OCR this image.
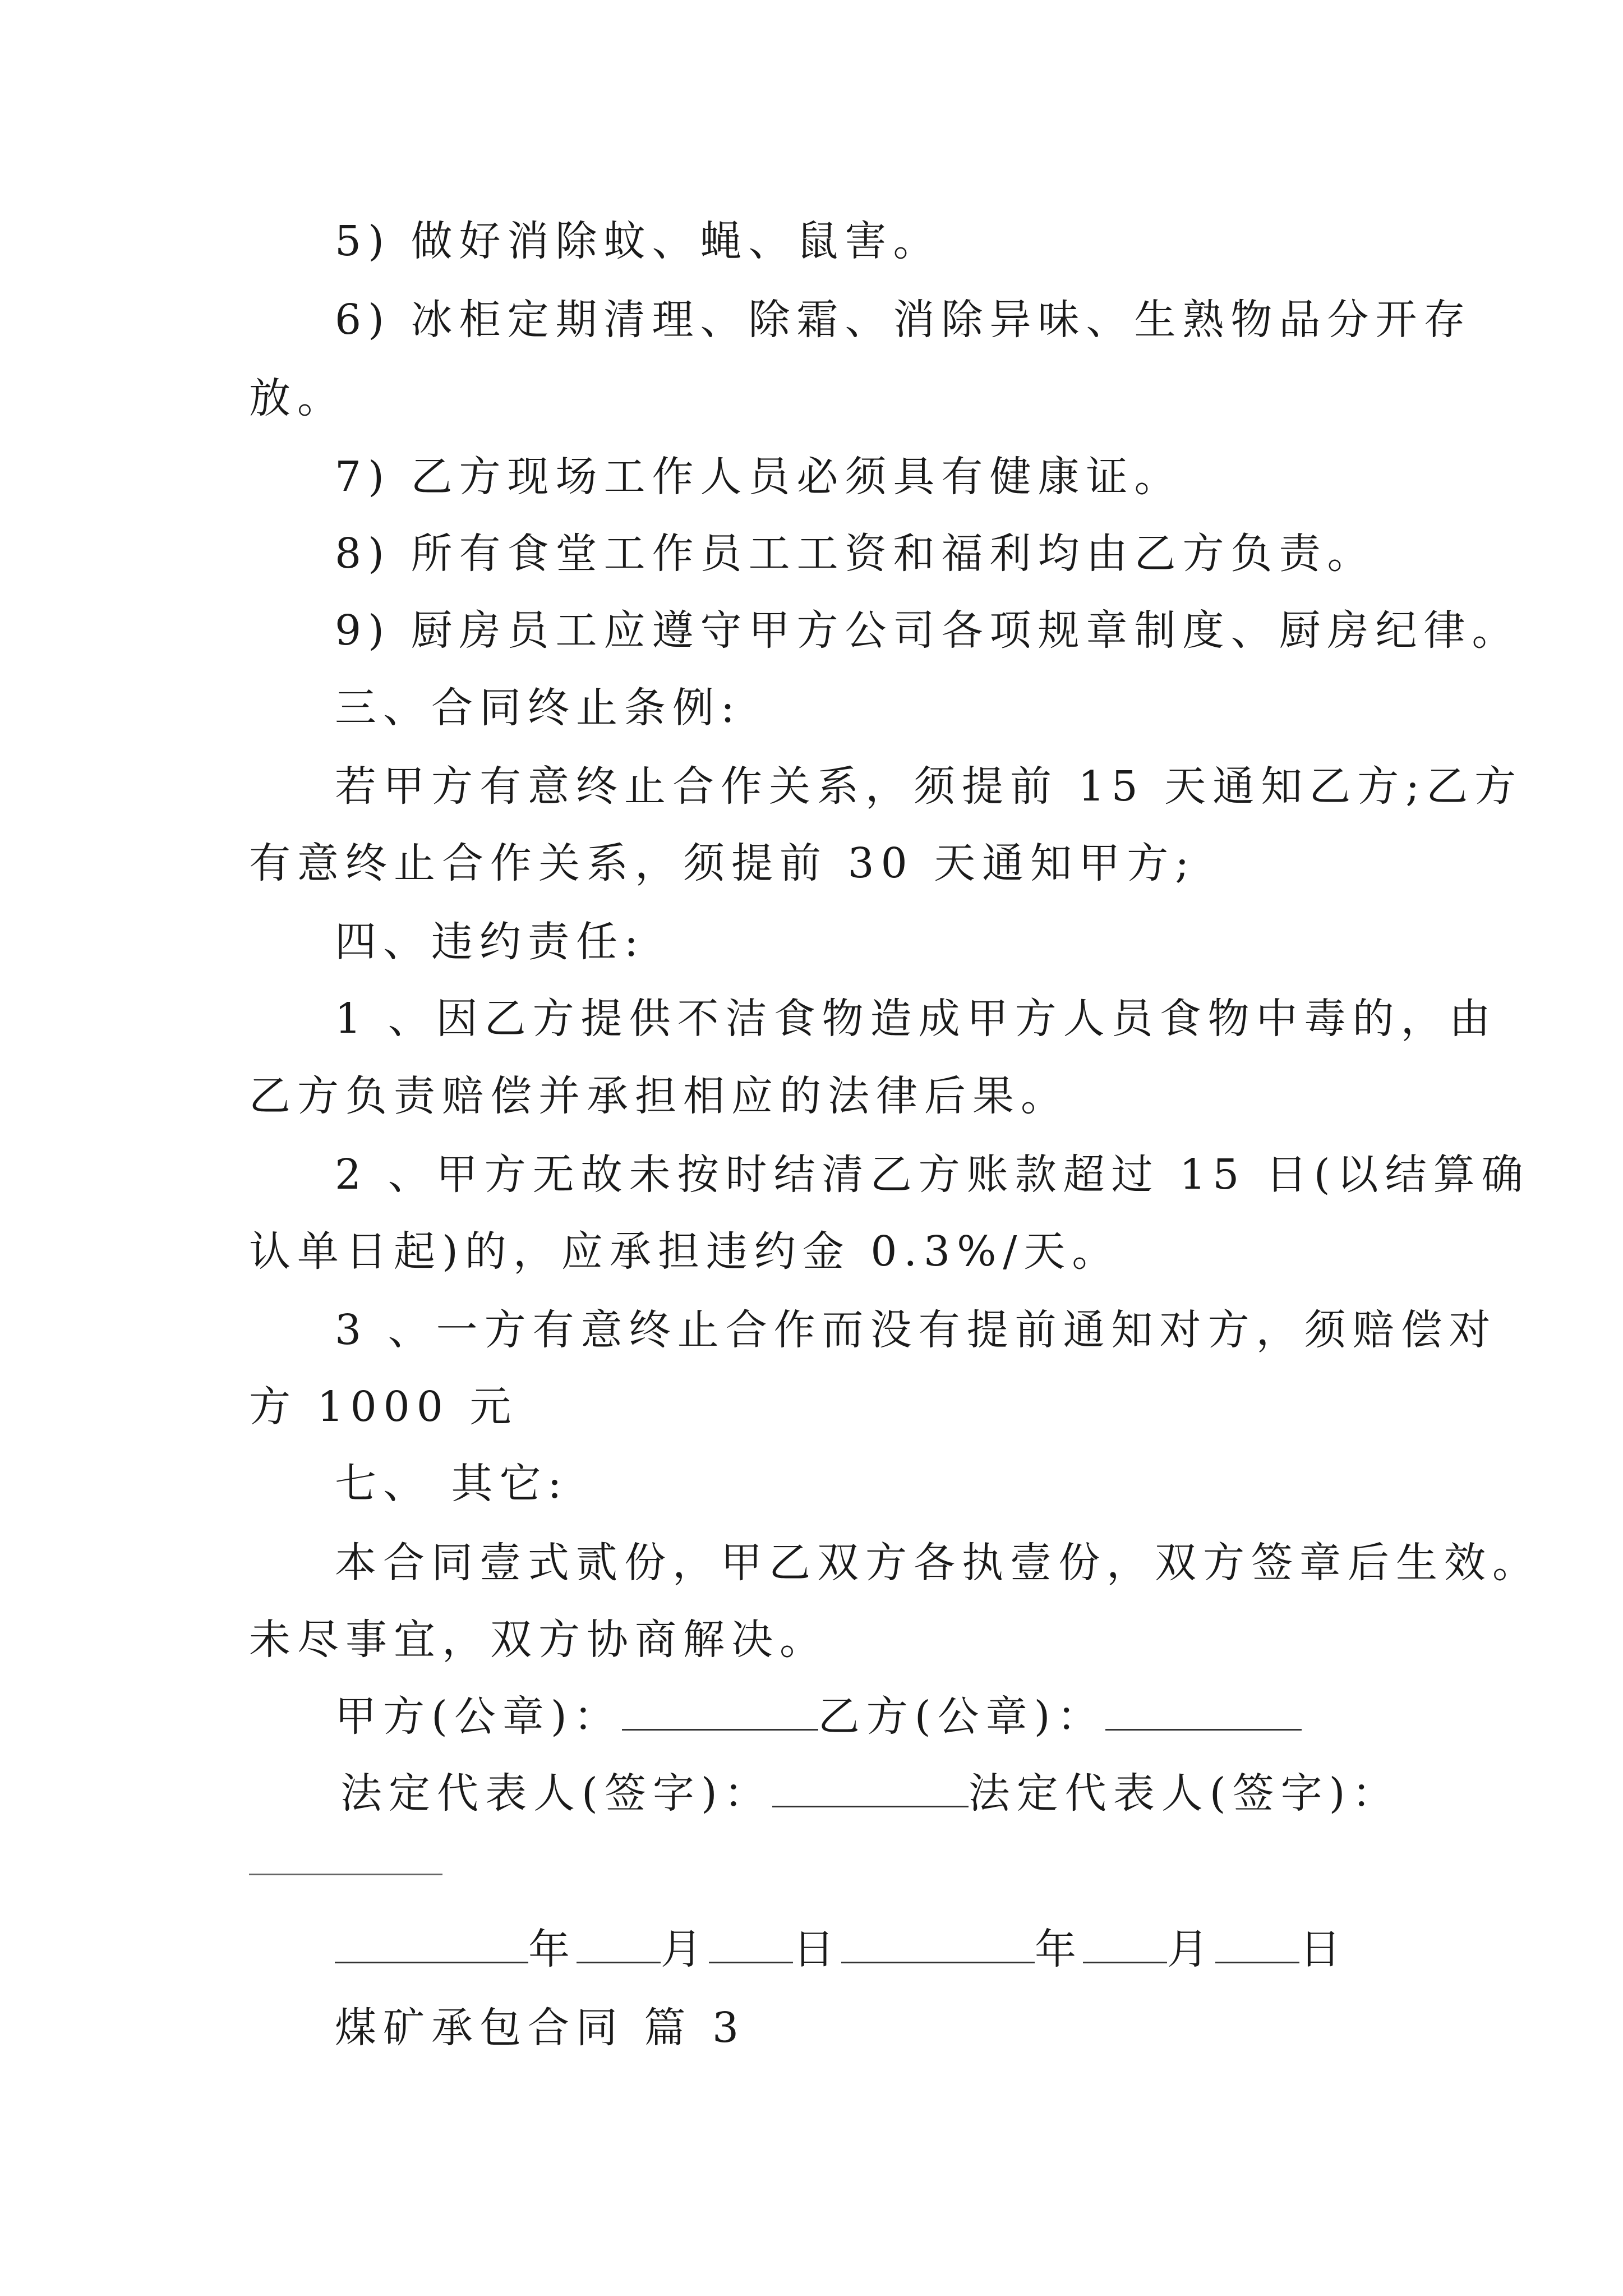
5) 做好消除蚊、蝇、鼠害。
6) 冰柜定期清理、除霜、消除异味、生熟物品分开存
放。
7) 乙方现场工作人员必须具有健康证。
8) 所有食堂工作员工工资和福利均由乙方负责。
9) 厨房员工应遵守甲方公司各项规章制度、厨房纪律。
三、合同终止条例:
若甲方有意终止合作关系，须提前 15 天通知乙方;乙方
有意终止合作关系，须提前 30 天通知甲方;
四、违约责任:
1 、因乙方提供不洁食物造成甲方人员食物中毒的，由
乙方负责赔偿并承担相应的法律后果。
2 、甲方无故未按时结清乙方账款超过 15 日(以结算确
认单日起)的，应承担违约金 0.3%/天。
3 、一方有意终止合作而没有提前通知对方，须赔偿对
方 1000 元
七、 其它:
本合同壹式贰份，甲乙双方各执壹份，双方签章后生效。
未尽事宜，双方协商解决。
甲方(公章)：	乙方(公章)：
法定代表人(签字)：	法定代表人(签字)：
年 月 日	年 月 日
煤矿承包合同 篇 3
